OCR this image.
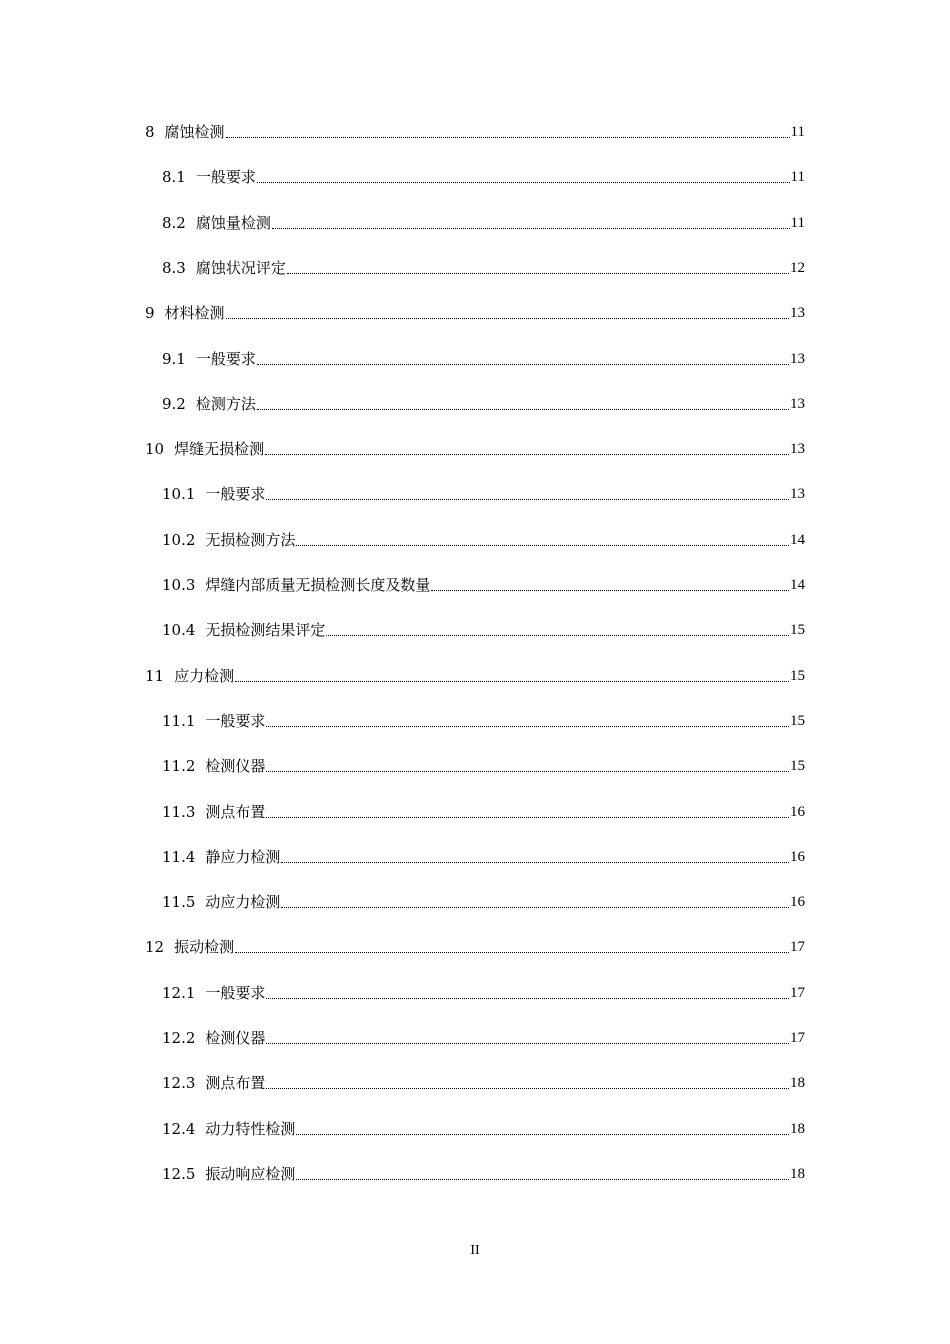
8 腐蚀检测	11
8.1 一般要求	11
8.2 腐蚀量检测	11
8.3 腐蚀状况评定	12
9 材料检测	13
9.1 一般要求	13
9.2 检测方法	13
10 焊缝无损检测	13
10.1 一般要求	13
10.2 无损检测方法	14
10.3 焊缝内部质量无损检测长度及数量	14
10.4 无损检测结果评定	15
11 应力检测	15
11.1 一般要求	15
11.2 检测仪器	15
11.3 测点布置	16
11.4 静应力检测	16
11.5 动应力检测	16
12 振动检测	17
12.1 一般要求	17
12.2 检测仪器	17
12.3 测点布置	18
12.4 动力特性检测	18
12.5 振动响应检测	18
II
